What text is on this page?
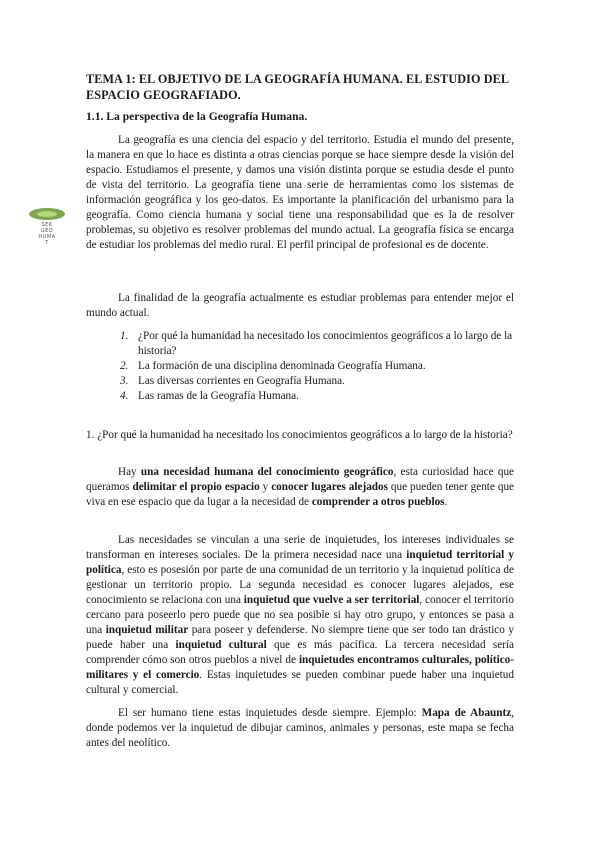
TEMA 1: EL OBJETIVO DE LA GEOGRAFÍA HUMANA. EL ESTUDIO DEL ESPACIO GEOGRAFIADO.
1.1. La perspectiva de la Geografía Humana.
SEK
GEO
HUMA
T

La geografía es una ciencia del espacio y del territorio. Estudia el mundo del presente, la manera en que lo hace es distinta a otras ciencias porque se hace siempre desde la visión del espacio. Estudiamos el presente, y damos una visión distinta porque se estudia desde el punto de vista del territorio. La geografía tiene una serie de herramientas como los sistemas de información geográfica y los geo-datos. Es importante la planificación del urbanismo para la geografía. Como ciencia humana y social tiene una responsabilidad que es la de resolver problemas, su objetivo es resolver problemas del mundo actual. La geografía física se encarga de estudiar los problemas del medio rural. El perfil principal de profesional es de docente.

La finalidad de la geografía actualmente es estudiar problemas para entender mejor el mundo actual.

1. ¿Por qué la humanidad ha necesitado los conocimientos geográficos a lo largo de la historia?
2. La formación de una disciplina denominada Geografía Humana.
3. Las diversas corrientes en Geografía Humana.
4. Las ramas de la Geografía Humana.

1. ¿Por qué la humanidad ha necesitado los conocimientos geográficos a lo largo de la historia?

Hay una necesidad humana del conocimiento geográfico, esta curiosidad hace que queramos delimitar el propio espacio y conocer lugares alejados que pueden tener gente que viva en ese espacio que da lugar a la necesidad de comprender a otros pueblos.

Las necesidades se vinculan a una serie de inquietudes, los intereses individuales se transforman en intereses sociales. De la primera necesidad nace una inquietud territorial y política, esto es posesión por parte de una comunidad de un territorio y la inquietud política de gestionar un territorio propio. La segunda necesidad es conocer lugares alejados, ese conocimiento se relaciona con una inquietud que vuelve a ser territorial, conocer el territorio cercano para poseerlo pero puede que no sea posible si hay otro grupo, y entonces se pasa a una inquietud militar para poseer y defenderse. No siempre tiene que ser todo tan drástico y puede haber una inquietud cultural que es más pacífica. La tercera necesidad sería comprender cómo son otros pueblos a nivel de inquietudes encontramos culturales, político-militares y el comercio. Estas inquietudes se pueden combinar puede haber una inquietud cultural y comercial.

El ser humano tiene estas inquietudes desde siempre. Ejemplo: Mapa de Abauntz, donde podemos ver la inquietud de dibujar caminos, animales y personas, este mapa se fecha antes del neolítico.
